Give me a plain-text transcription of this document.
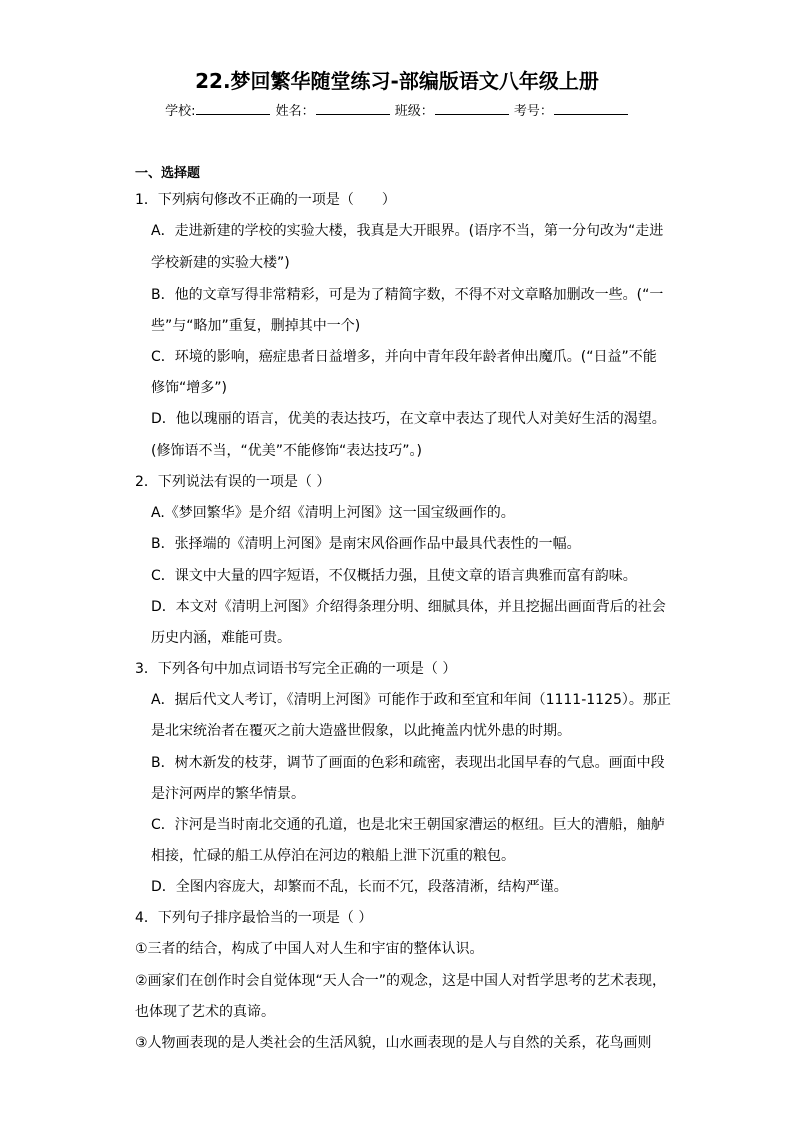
22.梦回繁华随堂练习-部编版语文八年级上册
学校:	姓名：	班级：	考号：
一、选择题
1．下列病句修改不正确的一项是（　　）
A．走进新建的学校的实验大楼，我真是大开眼界。(语序不当，第一分句改为“走进
学校新建的实验大楼”)
B．他的文章写得非常精彩，可是为了精简字数，不得不对文章略加删改一些。(“一
些”与“略加”重复，删掉其中一个)
C．环境的影响，癌症患者日益增多，并向中青年段年龄者伸出魔爪。(“日益”不能
修饰“增多”)
D．他以瑰丽的语言，优美的表达技巧，在文章中表达了现代人对美好生活的渴望。
(修饰语不当，“优美”不能修饰“表达技巧”。)
2．下列说法有误的一项是（ ）
A.《梦回繁华》是介绍《清明上河图》这一国宝级画作的。
B．张择端的《清明上河图》是南宋风俗画作品中最具代表性的一幅。
C．课文中大量的四字短语，不仅概括力强，且使文章的语言典雅而富有韵味。
D．本文对《清明上河图》介绍得条理分明、细腻具体，并且挖掘出画面背后的社会
历史内涵，难能可贵。
3．下列各句中加点词语书写完全正确的一项是（ ）
A．据后代文人考订，《清明上河图》可能作于政和至宜和年间（1111-1125）。那正
是北宋统治者在覆灭之前大造盛世假象，以此掩盖内忧外患的时期。
B．树木新发的枝芽，调节了画面的色彩和疏密，表现出北国早春的气息。画面中段
是汴河两岸的繁华情景。
C．汴河是当时南北交通的孔道，也是北宋王朝国家漕运的枢纽。巨大的漕船，舳舻
相接，忙碌的船工从停泊在河边的粮船上泄下沉重的粮包。
D．全图内容庞大，却繁而不乱，长而不冗，段落清淅，结构严谨。
4．下列句子排序最恰当的一项是（ ）
①三者的结合，构成了中国人对人生和宇宙的整体认识。
②画家们在创作时会自觉体现“天人合一”的观念，这是中国人对哲学思考的艺术表现，
也体现了艺术的真谛。
③人物画表现的是人类社会的生活风貌，山水画表现的是人与自然的关系，花鸟画则
